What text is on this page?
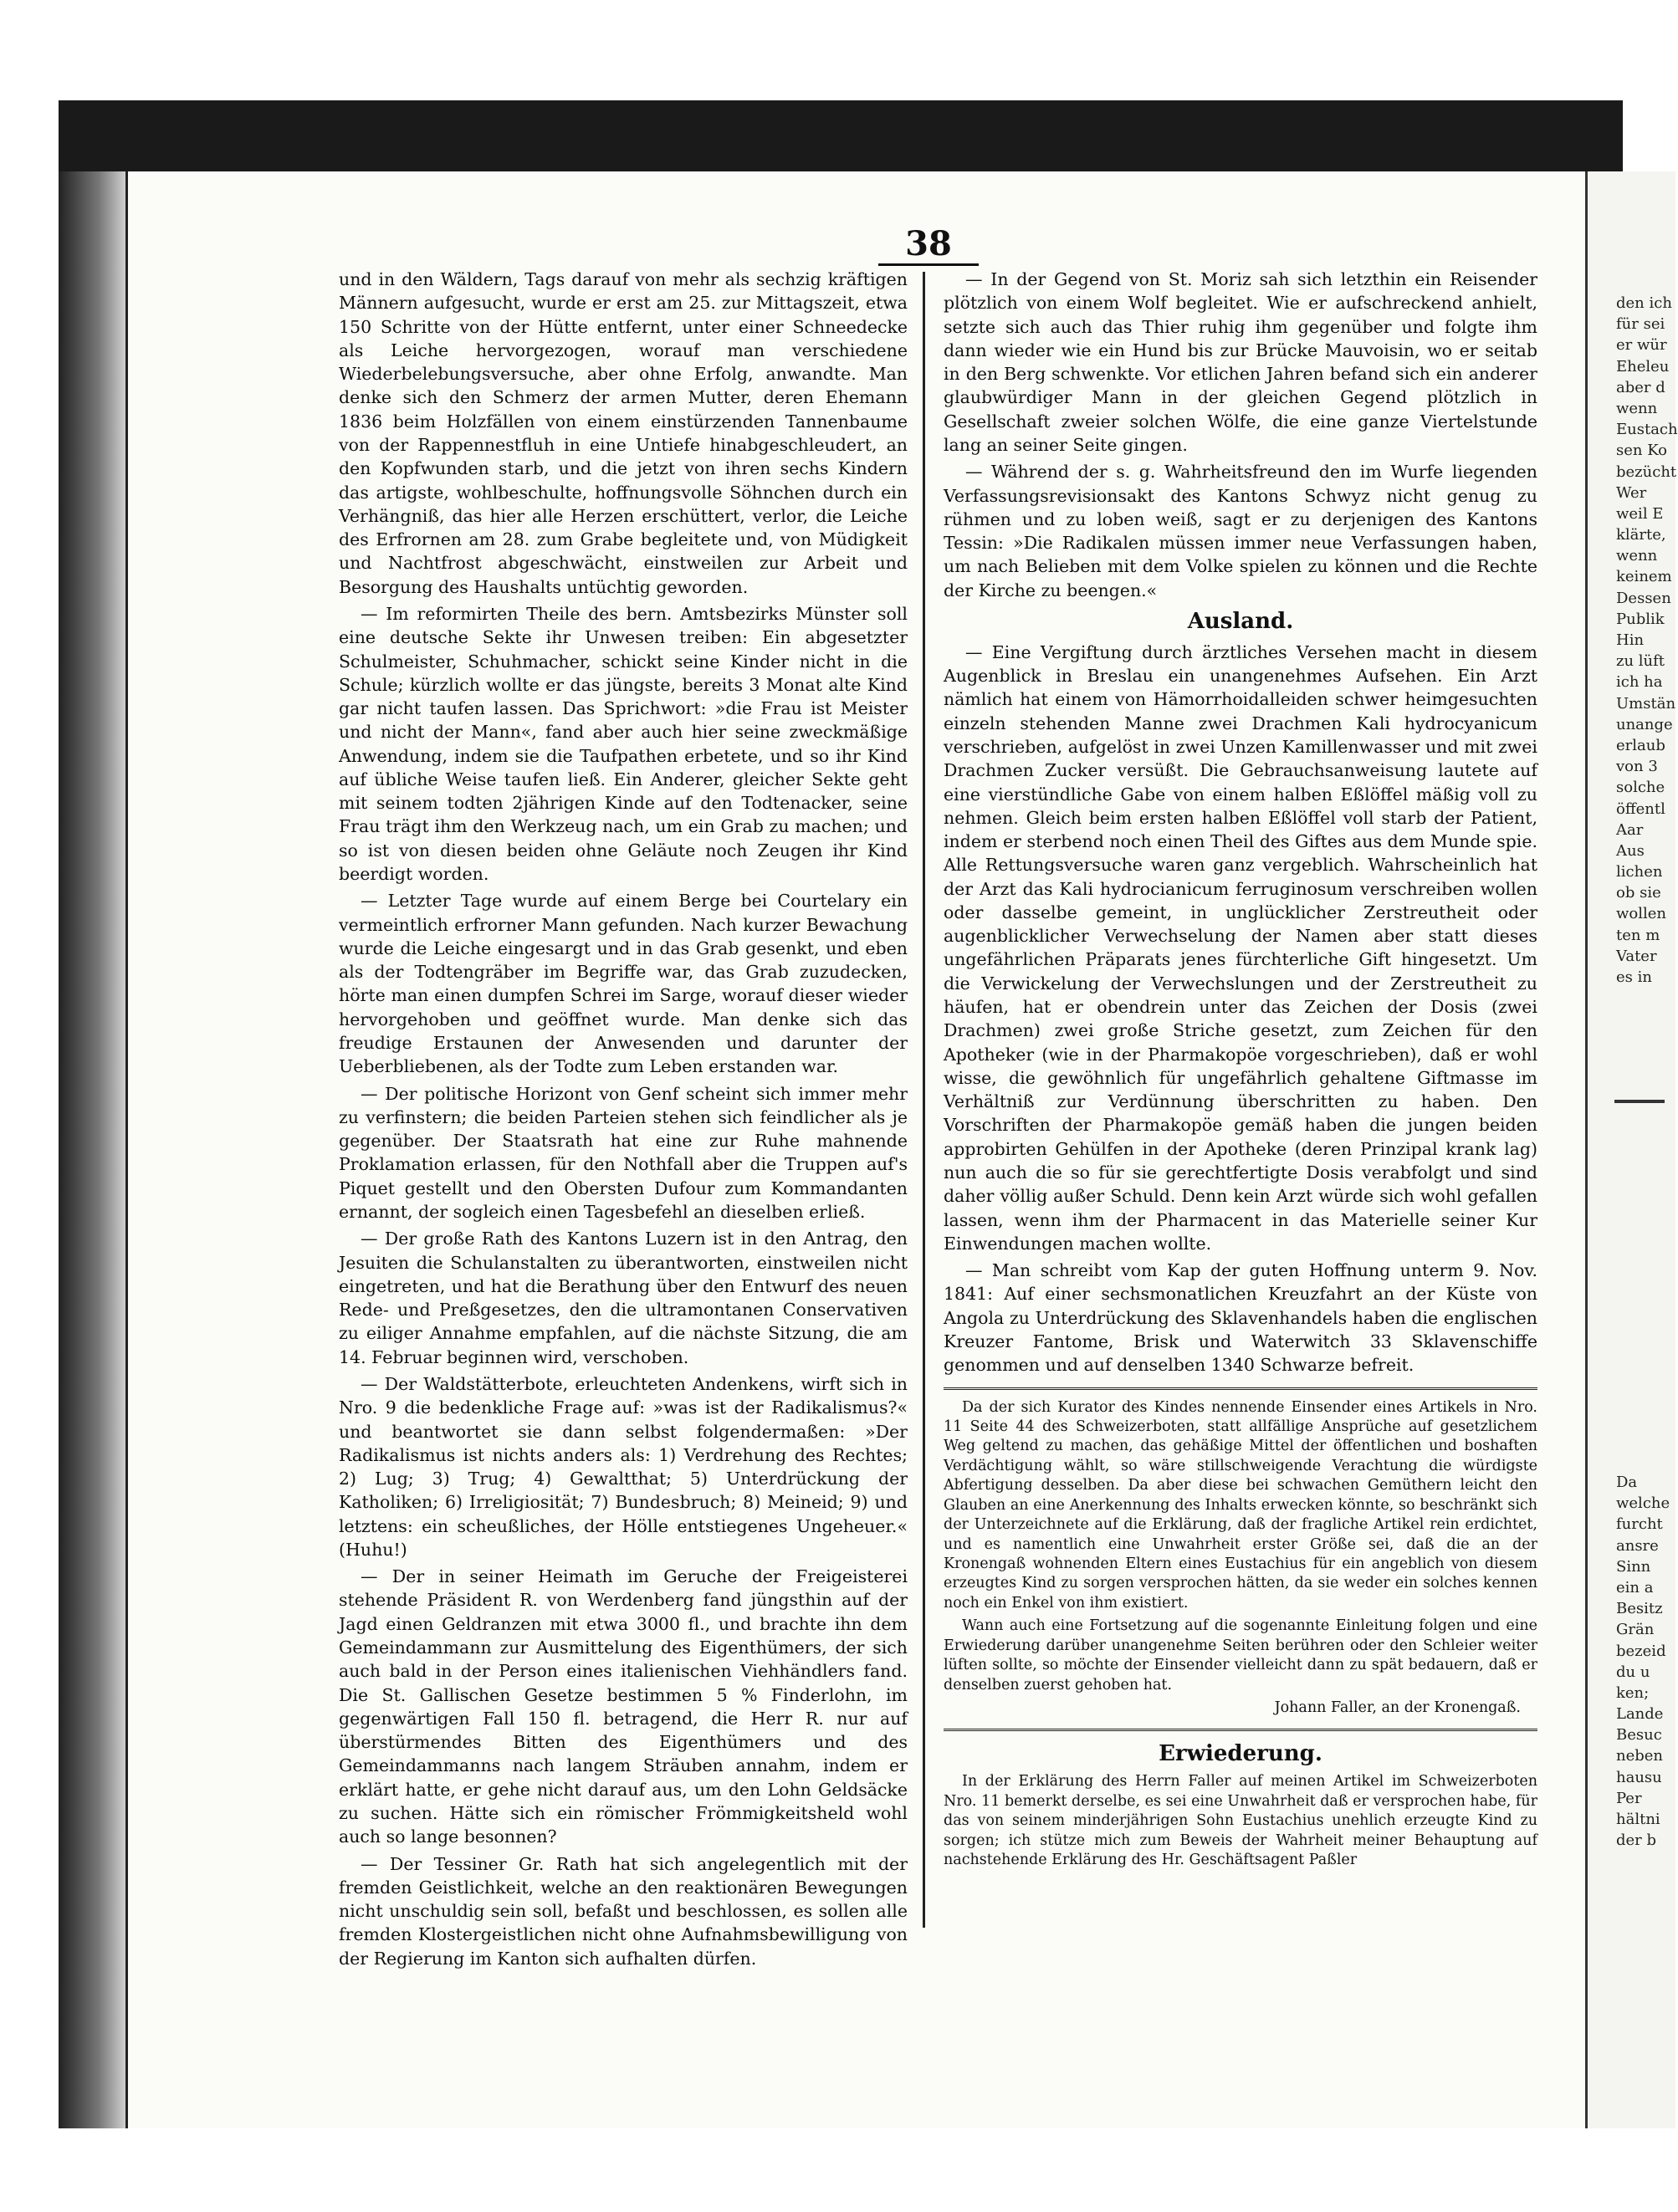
38

und in den Wäldern, Tags darauf von mehr als sechzig kräftigen Männern aufgesucht, wurde er erst am 25. zur Mittagszeit, etwa 150 Schritte von der Hütte entfernt, unter einer Schneedecke als Leiche hervorgezogen, worauf man verschiedene Wiederbelebungsversuche, aber ohne Erfolg, anwandte. Man denke sich den Schmerz der armen Mutter, deren Ehemann 1836 beim Holzfällen von einem einstürzenden Tannenbaume von der Rappennestfluh in eine Untiefe hinabgeschleudert, an den Kopfwunden starb, und die jetzt von ihren sechs Kindern das artigste, wohlbeschulte, hoffnungsvolle Söhnchen durch ein Verhängniß, das hier alle Herzen erschüttert, verlor, die Leiche des Erfrornen am 28. zum Grabe begleitete und, von Müdigkeit und Nachtfrost abgeschwächt, einstweilen zur Arbeit und Besorgung des Haushalts untüchtig geworden.

— Im reformirten Theile des bern. Amtsbezirks Münster soll eine deutsche Sekte ihr Unwesen treiben: Ein abgesetzter Schulmeister, Schuhmacher, schickt seine Kinder nicht in die Schule; kürzlich wollte er das jüngste, bereits 3 Monat alte Kind gar nicht taufen lassen. Das Sprichwort: »die Frau ist Meister und nicht der Mann«, fand aber auch hier seine zweckmäßige Anwendung, indem sie die Taufpathen erbetete, und so ihr Kind auf übliche Weise taufen ließ. Ein Anderer, gleicher Sekte geht mit seinem todten 2jährigen Kinde auf den Todtenacker, seine Frau trägt ihm den Werkzeug nach, um ein Grab zu machen; und so ist von diesen beiden ohne Geläute noch Zeugen ihr Kind beerdigt worden.

— Letzter Tage wurde auf einem Berge bei Courtelary ein vermeintlich erfrorner Mann gefunden. Nach kurzer Bewachung wurde die Leiche eingesargt und in das Grab gesenkt, und eben als der Todtengräber im Begriffe war, das Grab zuzudecken, hörte man einen dumpfen Schrei im Sarge, worauf dieser wieder hervorgehoben und geöffnet wurde. Man denke sich das freudige Erstaunen der Anwesenden und darunter der Ueberbliebenen, als der Todte zum Leben erstanden war.

— Der politische Horizont von Genf scheint sich immer mehr zu verfinstern; die beiden Parteien stehen sich feindlicher als je gegenüber. Der Staatsrath hat eine zur Ruhe mahnende Proklamation erlassen, für den Nothfall aber die Truppen auf's Piquet gestellt und den Obersten Dufour zum Kommandanten ernannt, der sogleich einen Tagesbefehl an dieselben erließ.

— Der große Rath des Kantons Luzern ist in den Antrag, den Jesuiten die Schulanstalten zu überantworten, einstweilen nicht eingetreten, und hat die Berathung über den Entwurf des neuen Rede- und Preßgesetzes, den die ultramontanen Conservativen zu eiliger Annahme empfahlen, auf die nächste Sitzung, die am 14. Februar beginnen wird, verschoben.

— Der Waldstätterbote, erleuchteten Andenkens, wirft sich in Nro. 9 die bedenkliche Frage auf: »was ist der Radikalismus?« und beantwortet sie dann selbst folgendermaßen: »Der Radikalismus ist nichts anders als: 1) Verdrehung des Rechtes; 2) Lug; 3) Trug; 4) Gewaltthat; 5) Unterdrückung der Katholiken; 6) Irreligiosität; 7) Bundesbruch; 8) Meineid; 9) und letztens: ein scheußliches, der Hölle entstiegenes Ungeheuer.« (Huhu!)

— Der in seiner Heimath im Geruche der Freigeisterei stehende Präsident R. von Werdenberg fand jüngsthin auf der Jagd einen Geldranzen mit etwa 3000 fl., und brachte ihn dem Gemeindammann zur Ausmittelung des Eigenthümers, der sich auch bald in der Person eines italienischen Viehhändlers fand. Die St. Gallischen Gesetze bestimmen 5 % Finderlohn, im gegenwärtigen Fall 150 fl. betragend, die Herr R. nur auf überstürmendes Bitten des Eigenthümers und des Gemeindammanns nach langem Sträuben annahm, indem er erklärt hatte, er gehe nicht darauf aus, um den Lohn Geldsäcke zu suchen. Hätte sich ein römischer Frömmigkeitsheld wohl auch so lange besonnen?

— Der Tessiner Gr. Rath hat sich angelegentlich mit der fremden Geistlichkeit, welche an den reaktionären Bewegungen nicht unschuldig sein soll, befaßt und beschlossen, es sollen alle fremden Klostergeistlichen nicht ohne Aufnahmsbewilligung von der Regierung im Kanton sich aufhalten dürfen.

— In der Gegend von St. Moriz sah sich letzthin ein Reisender plötzlich von einem Wolf begleitet. Wie er aufschreckend anhielt, setzte sich auch das Thier ruhig ihm gegenüber und folgte ihm dann wieder wie ein Hund bis zur Brücke Mauvoisin, wo er seitab in den Berg schwenkte. Vor etlichen Jahren befand sich ein anderer glaubwürdiger Mann in der gleichen Gegend plötzlich in Gesellschaft zweier solchen Wölfe, die eine ganze Viertelstunde lang an seiner Seite gingen.

— Während der s. g. Wahrheitsfreund den im Wurfe liegenden Verfassungsrevisionsakt des Kantons Schwyz nicht genug zu rühmen und zu loben weiß, sagt er zu derjenigen des Kantons Tessin: »Die Radikalen müssen immer neue Verfassungen haben, um nach Belieben mit dem Volke spielen zu können und die Rechte der Kirche zu beengen.«

Ausland.

— Eine Vergiftung durch ärztliches Versehen macht in diesem Augenblick in Breslau ein unangenehmes Aufsehen. Ein Arzt nämlich hat einem von Hämorrhoidalleiden schwer heimgesuchten einzeln stehenden Manne zwei Drachmen Kali hydrocyanicum verschrieben, aufgelöst in zwei Unzen Kamillenwasser und mit zwei Drachmen Zucker versüßt. Die Gebrauchsanweisung lautete auf eine vierstündliche Gabe von einem halben Eßlöffel mäßig voll zu nehmen. Gleich beim ersten halben Eßlöffel voll starb der Patient, indem er sterbend noch einen Theil des Giftes aus dem Munde spie. Alle Rettungsversuche waren ganz vergeblich. Wahrscheinlich hat der Arzt das Kali hydrocianicum ferruginosum verschreiben wollen oder dasselbe gemeint, in unglücklicher Zerstreutheit oder augenblicklicher Verwechselung der Namen aber statt dieses ungefährlichen Präparats jenes fürchterliche Gift hingesetzt. Um die Verwickelung der Verwechslungen und der Zerstreutheit zu häufen, hat er obendrein unter das Zeichen der Dosis (zwei Drachmen) zwei große Striche gesetzt, zum Zeichen für den Apotheker (wie in der Pharmakopöe vorgeschrieben), daß er wohl wisse, die gewöhnlich für ungefährlich gehaltene Giftmasse im Verhältniß zur Verdünnung überschritten zu haben. Den Vorschriften der Pharmakopöe gemäß haben die jungen beiden approbirten Gehülfen in der Apotheke (deren Prinzipal krank lag) nun auch die so für sie gerechtfertigte Dosis verabfolgt und sind daher völlig außer Schuld. Denn kein Arzt würde sich wohl gefallen lassen, wenn ihm der Pharmacent in das Materielle seiner Kur Einwendungen machen wollte.

— Man schreibt vom Kap der guten Hoffnung unterm 9. Nov. 1841: Auf einer sechsmonatlichen Kreuzfahrt an der Küste von Angola zu Unterdrückung des Sklavenhandels haben die englischen Kreuzer Fantome, Brisk und Waterwitch 33 Sklavenschiffe genommen und auf denselben 1340 Schwarze befreit.

Da der sich Kurator des Kindes nennende Einsender eines Artikels in Nro. 11 Seite 44 des Schweizerboten, statt allfällige Ansprüche auf gesetzlichem Weg geltend zu machen, das gehäßige Mittel der öffentlichen und boshaften Verdächtigung wählt, so wäre stillschweigende Verachtung die würdigste Abfertigung desselben. Da aber diese bei schwachen Gemüthern leicht den Glauben an eine Anerkennung des Inhalts erwecken könnte, so beschränkt sich der Unterzeichnete auf die Erklärung, daß der fragliche Artikel rein erdichtet, und es namentlich eine Unwahrheit erster Größe sei, daß die an der Kronengaß wohnenden Eltern eines Eustachius für ein angeblich von diesem erzeugtes Kind zu sorgen versprochen hätten, da sie weder ein solches kennen noch ein Enkel von ihm existiert.

Wann auch eine Fortsetzung auf die sogenannte Einleitung folgen und eine Erwiederung darüber unangenehme Seiten berühren oder den Schleier weiter lüften sollte, so möchte der Einsender vielleicht dann zu spät bedauern, daß er denselben zuerst gehoben hat.

Johann Faller, an der Kronengaß.
Erwiederung.

In der Erklärung des Herrn Faller auf meinen Artikel im Schweizerboten Nro. 11 bemerkt derselbe, es sei eine Unwahrheit daß er versprochen habe, für das von seinem minderjährigen Sohn Eustachius unehlich erzeugte Kind zu sorgen; ich stütze mich zum Beweis der Wahrheit meiner Behauptung auf nachstehende Erklärung des Hr. Geschäftsagent Paßler

den ich
für sei
er wür
Eheleu
aber d
wenn
Eustach
sen Ko
bezücht
Wer
weil E
klärte,
wenn
keinem
Dessen
Publik
Hin
zu lüft
ich ha
Umstän
unange
erlaub
von 3
solche
öffentl
Aar
Aus
lichen
ob sie
wollen
ten m
Vater
es in
Da
welche
furcht
ansre
Sinn
ein a
Besitz
Grän
bezeid
du u
ken;
Lande
Besuc
neben
hausu
Per
hältni
der b
